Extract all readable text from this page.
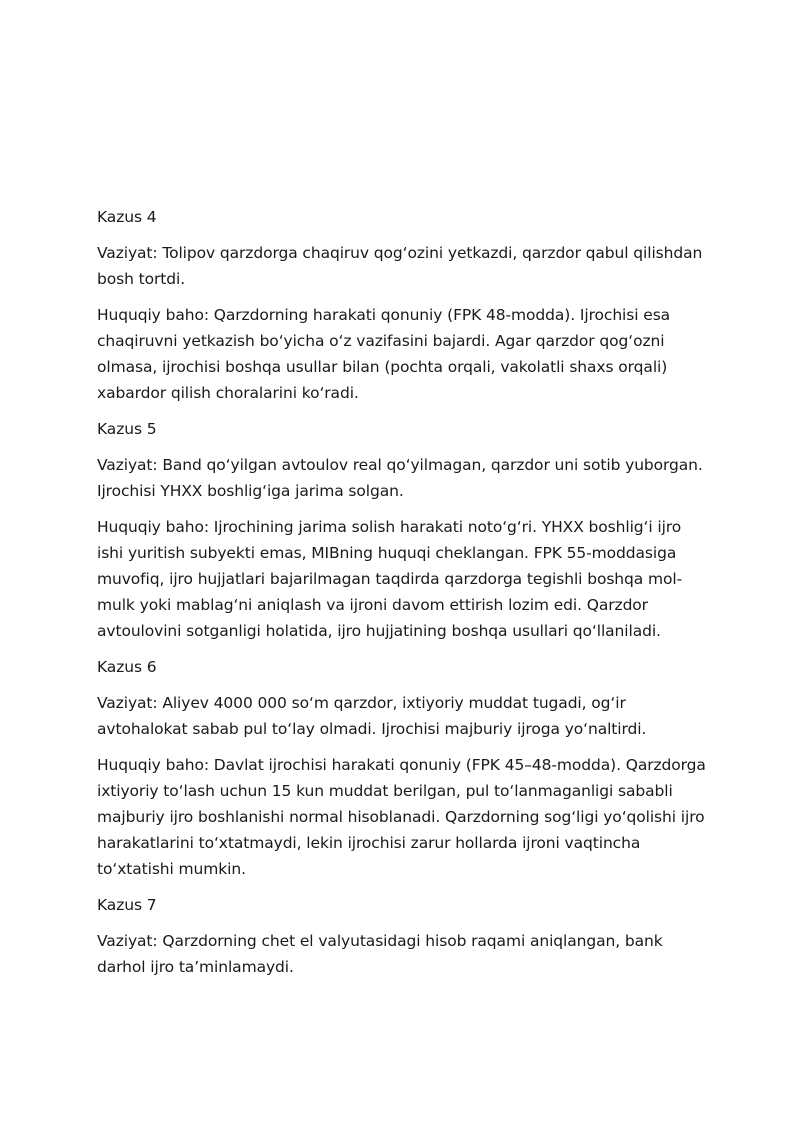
Kazus 4

Vaziyat: Tolipov qarzdorga chaqiruv qog‘ozini yetkazdi, qarzdor qabul qilishdan bosh tortdi.

Huquqiy baho: Qarzdorning harakati qonuniy (FPK 48-modda). Ijrochisi esa chaqiruvni yetkazish bo‘yicha o‘z vazifasini bajardi. Agar qarzdor qog‘ozni olmasa, ijrochisi boshqa usullar bilan (pochta orqali, vakolatli shaxs orqali) xabardor qilish choralarini ko‘radi.

Kazus 5

Vaziyat: Band qo‘yilgan avtoulov real qo‘yilmagan, qarzdor uni sotib yuborgan. Ijrochisi YHXX boshlig‘iga jarima solgan.

Huquqiy baho: Ijrochining jarima solish harakati noto‘g‘ri. YHXX boshlig‘i ijro ishi yuritish subyekti emas, MIBning huquqi cheklangan. FPK 55-moddasiga muvofiq, ijro hujjatlari bajarilmagan taqdirda qarzdorga tegishli boshqa mol-mulk yoki mablag‘ni aniqlash va ijroni davom ettirish lozim edi. Qarzdor avtoulovini sotganligi holatida, ijro hujjatining boshqa usullari qo‘llaniladi.

Kazus 6

Vaziyat: Aliyev 4000 000 so‘m qarzdor, ixtiyoriy muddat tugadi, og‘ir avtohalokat sabab pul to‘lay olmadi. Ijrochisi majburiy ijroga yo‘naltirdi.

Huquqiy baho: Davlat ijrochisi harakati qonuniy (FPK 45–48-modda). Qarzdorga ixtiyoriy to‘lash uchun 15 kun muddat berilgan, pul to‘lanmaganligi sababli majburiy ijro boshlanishi normal hisoblanadi. Qarzdorning sog‘ligi yo‘qolishi ijro harakatlarini to‘xtatmaydi, lekin ijrochisi zarur hollarda ijroni vaqtincha to‘xtatishi mumkin.

Kazus 7

Vaziyat: Qarzdorning chet el valyutasidagi hisob raqami aniqlangan, bank darhol ijro ta’minlamaydi.
